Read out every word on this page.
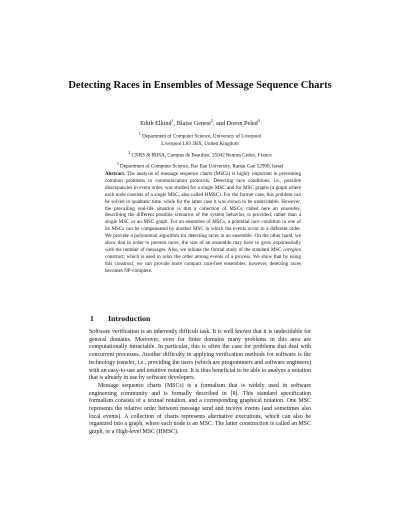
Detecting Races in Ensembles of Message Sequence Charts
Edith Elkind$^1$, Blaise Genest$^2$, and Doron Peled$^3$
$^1$ Department of Computer Science, University of Liverpool
Liverpool L69 3BX, United Kingdom
$^2$ CNRS & IRISA, Campus de Beaulieu, 35042 Rennes Cedex, France
$^3$ Department of Computer Science, Bar Ilan University, Ramat Gan 52900, Israel
Abstract. The analysis of message sequence charts (MSCs) is highly important in preventing common problems in communication protocols. Detecting race conditions, i.e., possible discrepancies in event order, was studied for a single MSC and for MSC graphs (a graph where each node consists of a single MSC, also called HMSC). For the former case, this problem can be solved in quadratic time, while for the latter case it was shown to be undecidable. However, the prevailing real-life situation is that a collection of MSCs, called here an ensemble, describing the different possible scenarios of the system behavior, is provided, rather than a single MSC or an MSC graph. For an ensemble of MSCs, a potential race condition in one of its MSCs can be compensated by another MSC in which the events occur in a different order. We provide a polynomial algorithm for detecting races in an ensemble. On the other hand, we show that in order to prevent races, the size of an ensemble may have to grow exponentially with the number of messages. Also, we initiate the formal study of the standard MSC coregion construct, which is used to relax the order among events of a process. We show that by using this construct, we can provide more compact race-free ensembles; however, detecting races becomes NP-complete.
1 Introduction

Software verification is an inherently difficult task. It is well known that it is undecidable for general domains. Moreover, even for finite domains many problems in this area are computationally intractable. In particular, this is often the case for problems that deal with concurrent processes. Another difficulty in applying verification methods for software is the technology transfer, i.e., providing the users (which are programmers and software engineers) with an easy-to-use and intuitive notation. It is thus beneficial to be able to analyze a notation that is already in use by software developers.

Message sequence charts (MSCs) is a formalism that is widely used in software engineering community and is formally described in [8]. This standard specification formalism consists of a textual notation, and a corresponding graphical notation. One MSC represents the relative order between message send and receive events (and sometimes also local events). A collection of charts represents alternative executions, which can also be organized into a graph, where each node is an MSC. The latter construction is called an MSC graph, or a High-level MSC (HMSC).
